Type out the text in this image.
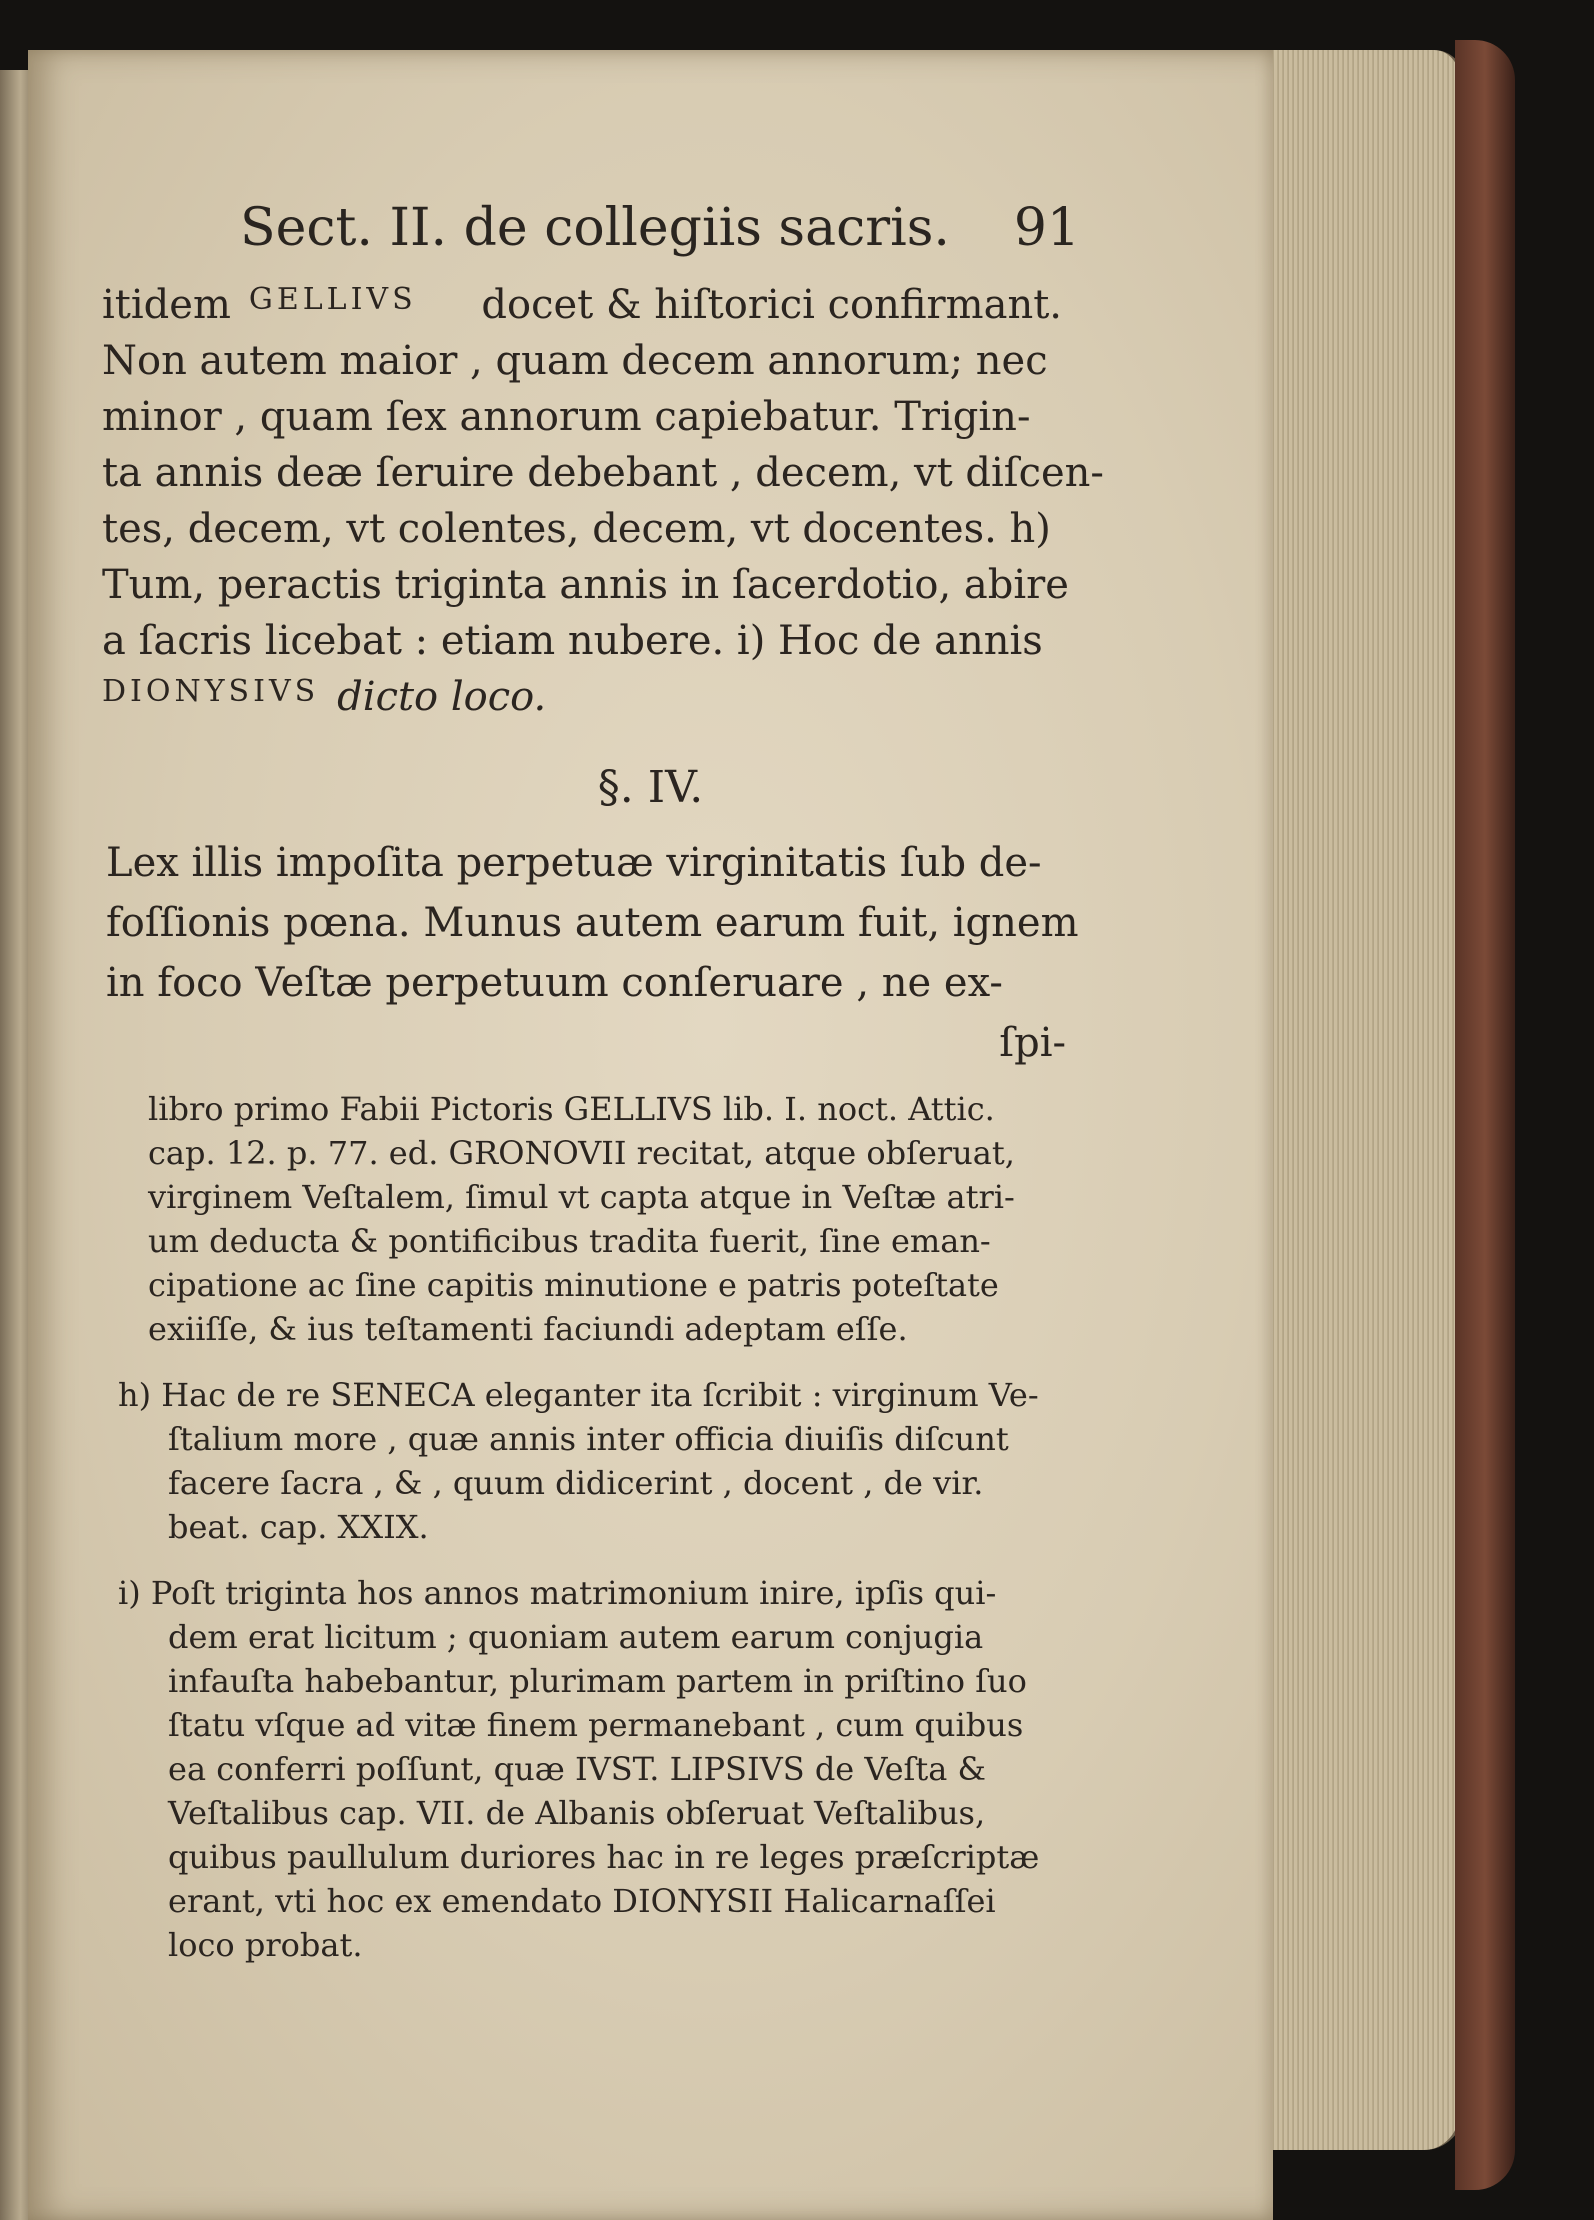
Sect. II. de collegiis sacris. 91
itidem GELLIVS	docet & hiſtorici confirmant.
Non autem maior , quam decem annorum; nec
minor , quam ſex annorum capiebatur. Trigin-
ta annis deæ ſeruire debebant , decem, vt diſcen-
tes, decem, vt colentes, decem, vt docentes. h)
Tum, peractis triginta annis in ſacerdotio, abire
a ſacris licebat : etiam nubere. i) Hoc de annis
DIONYSIVS dicto loco.
§. IV.
Lex illis impoſita perpetuæ virginitatis ſub de-
foſſionis pœna. Munus autem earum fuit, ignem
in foco Veſtæ perpetuum conſeruare , ne ex-
ſpi-
libro primo Fabii Pictoris GELLIVS lib. I. noct. Attic.
cap. 12. p. 77. ed. GRONOVII recitat, atque obſeruat,
virginem Veſtalem, ſimul vt capta atque in Veſtæ atri-
um deducta & pontificibus tradita fuerit, ſine eman-
cipatione ac ſine capitis minutione e patris poteſtate
exiiſſe, & ius teſtamenti faciundi adeptam eſſe.
h) Hac de re SENECA eleganter ita ſcribit : virginum Ve-
ſtalium more , quæ annis inter officia diuiſis diſcunt
facere ſacra , & , quum didicerint , docent , de vir.
beat. cap. XXIX.
i) Poſt triginta hos annos matrimonium inire, ipſis qui-
dem erat licitum ; quoniam autem earum conjugia
infauſta habebantur, plurimam partem in priſtino ſuo
ſtatu vſque ad vitæ finem permanebant , cum quibus
ea conferri poſſunt, quæ IVST. LIPSIVS de Veſta &
Veſtalibus cap. VII. de Albanis obſeruat Veſtalibus,
quibus paullulum duriores hac in re leges præſcriptæ
erant, vti hoc ex emendato DIONYSII Halicarnaſſei
loco probat.
